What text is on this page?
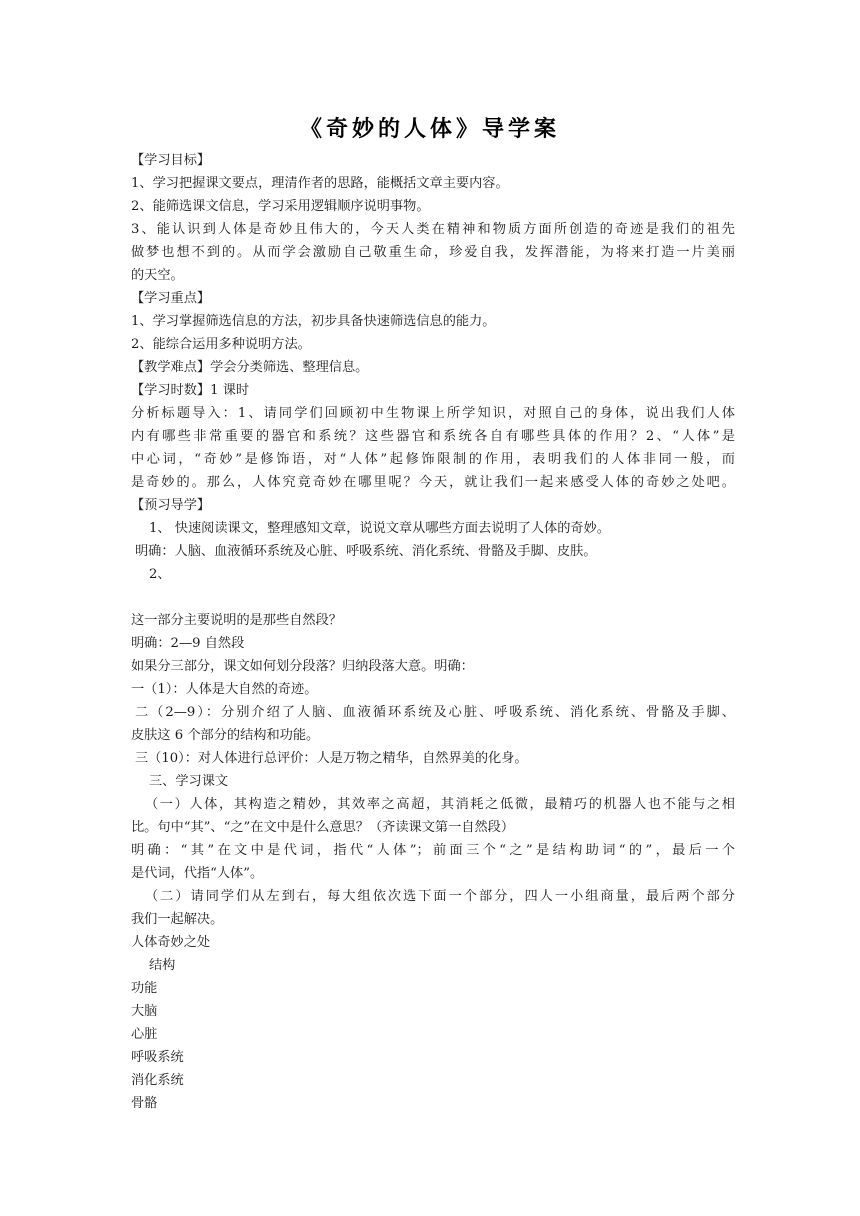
《奇妙的人体》导学案
【学习目标】
1、学习把握课文要点，理清作者的思路，能概括文章主要内容。
2、能筛选课文信息，学习采用逻辑顺序说明事物。
3、能认识到人体是奇妙且伟大的，今天人类在精神和物质方面所创造的奇迹是我们的祖先
做梦也想不到的。从而学会激励自己敬重生命，珍爱自我，发挥潜能，为将来打造一片美丽
的天空。
【学习重点】
1、学习掌握筛选信息的方法，初步具备快速筛选信息的能力。
2、能综合运用多种说明方法。
【教学难点】学会分类筛选、整理信息。
【学习时数】1 课时
分析标题导入：1、请同学们回顾初中生物课上所学知识，对照自己的身体，说出我们人体
内有哪些非常重要的器官和系统？这些器官和系统各自有哪些具体的作用？2、“人体”是
中心词，“奇妙”是修饰语，对“人体”起修饰限制的作用，表明我们的人体非同一般，而
是奇妙的。那么，人体究竟奇妙在哪里呢？今天，就让我们一起来感受人体的奇妙之处吧。
【预习导学】
1、 快速阅读课文，整理感知文章，说说文章从哪些方面去说明了人体的奇妙。
明确：人脑、血液循环系统及心脏、呼吸系统、消化系统、骨骼及手脚、皮肤。
2、
这一部分主要说明的是那些自然段？
明确：2—9 自然段
如果分三部分，课文如何划分段落？归纳段落大意。明确：
一（1）：人体是大自然的奇迹。
二（2—9）：分别介绍了人脑、血液循环系统及心脏、呼吸系统、消化系统、骨骼及手脚、
皮肤这 6 个部分的结构和功能。
三（10）：对人体进行总评价：人是万物之精华，自然界美的化身。
三、学习课文
（一）人体，其构造之精妙，其效率之高超，其消耗之低微，最精巧的机器人也不能与之相
比。句中“其”、“之”在文中是什么意思？（齐读课文第一自然段）
明确：“其”在文中是代词，指代“人体”；前面三个“之”是结构助词“的”，最后一个
是代词，代指“人体”。
（二）请同学们从左到右，每大组依次选下面一个部分，四人一小组商量，最后两个部分
我们一起解决。
人体奇妙之处
结构
功能
大脑
心脏
呼吸系统
消化系统
骨骼
